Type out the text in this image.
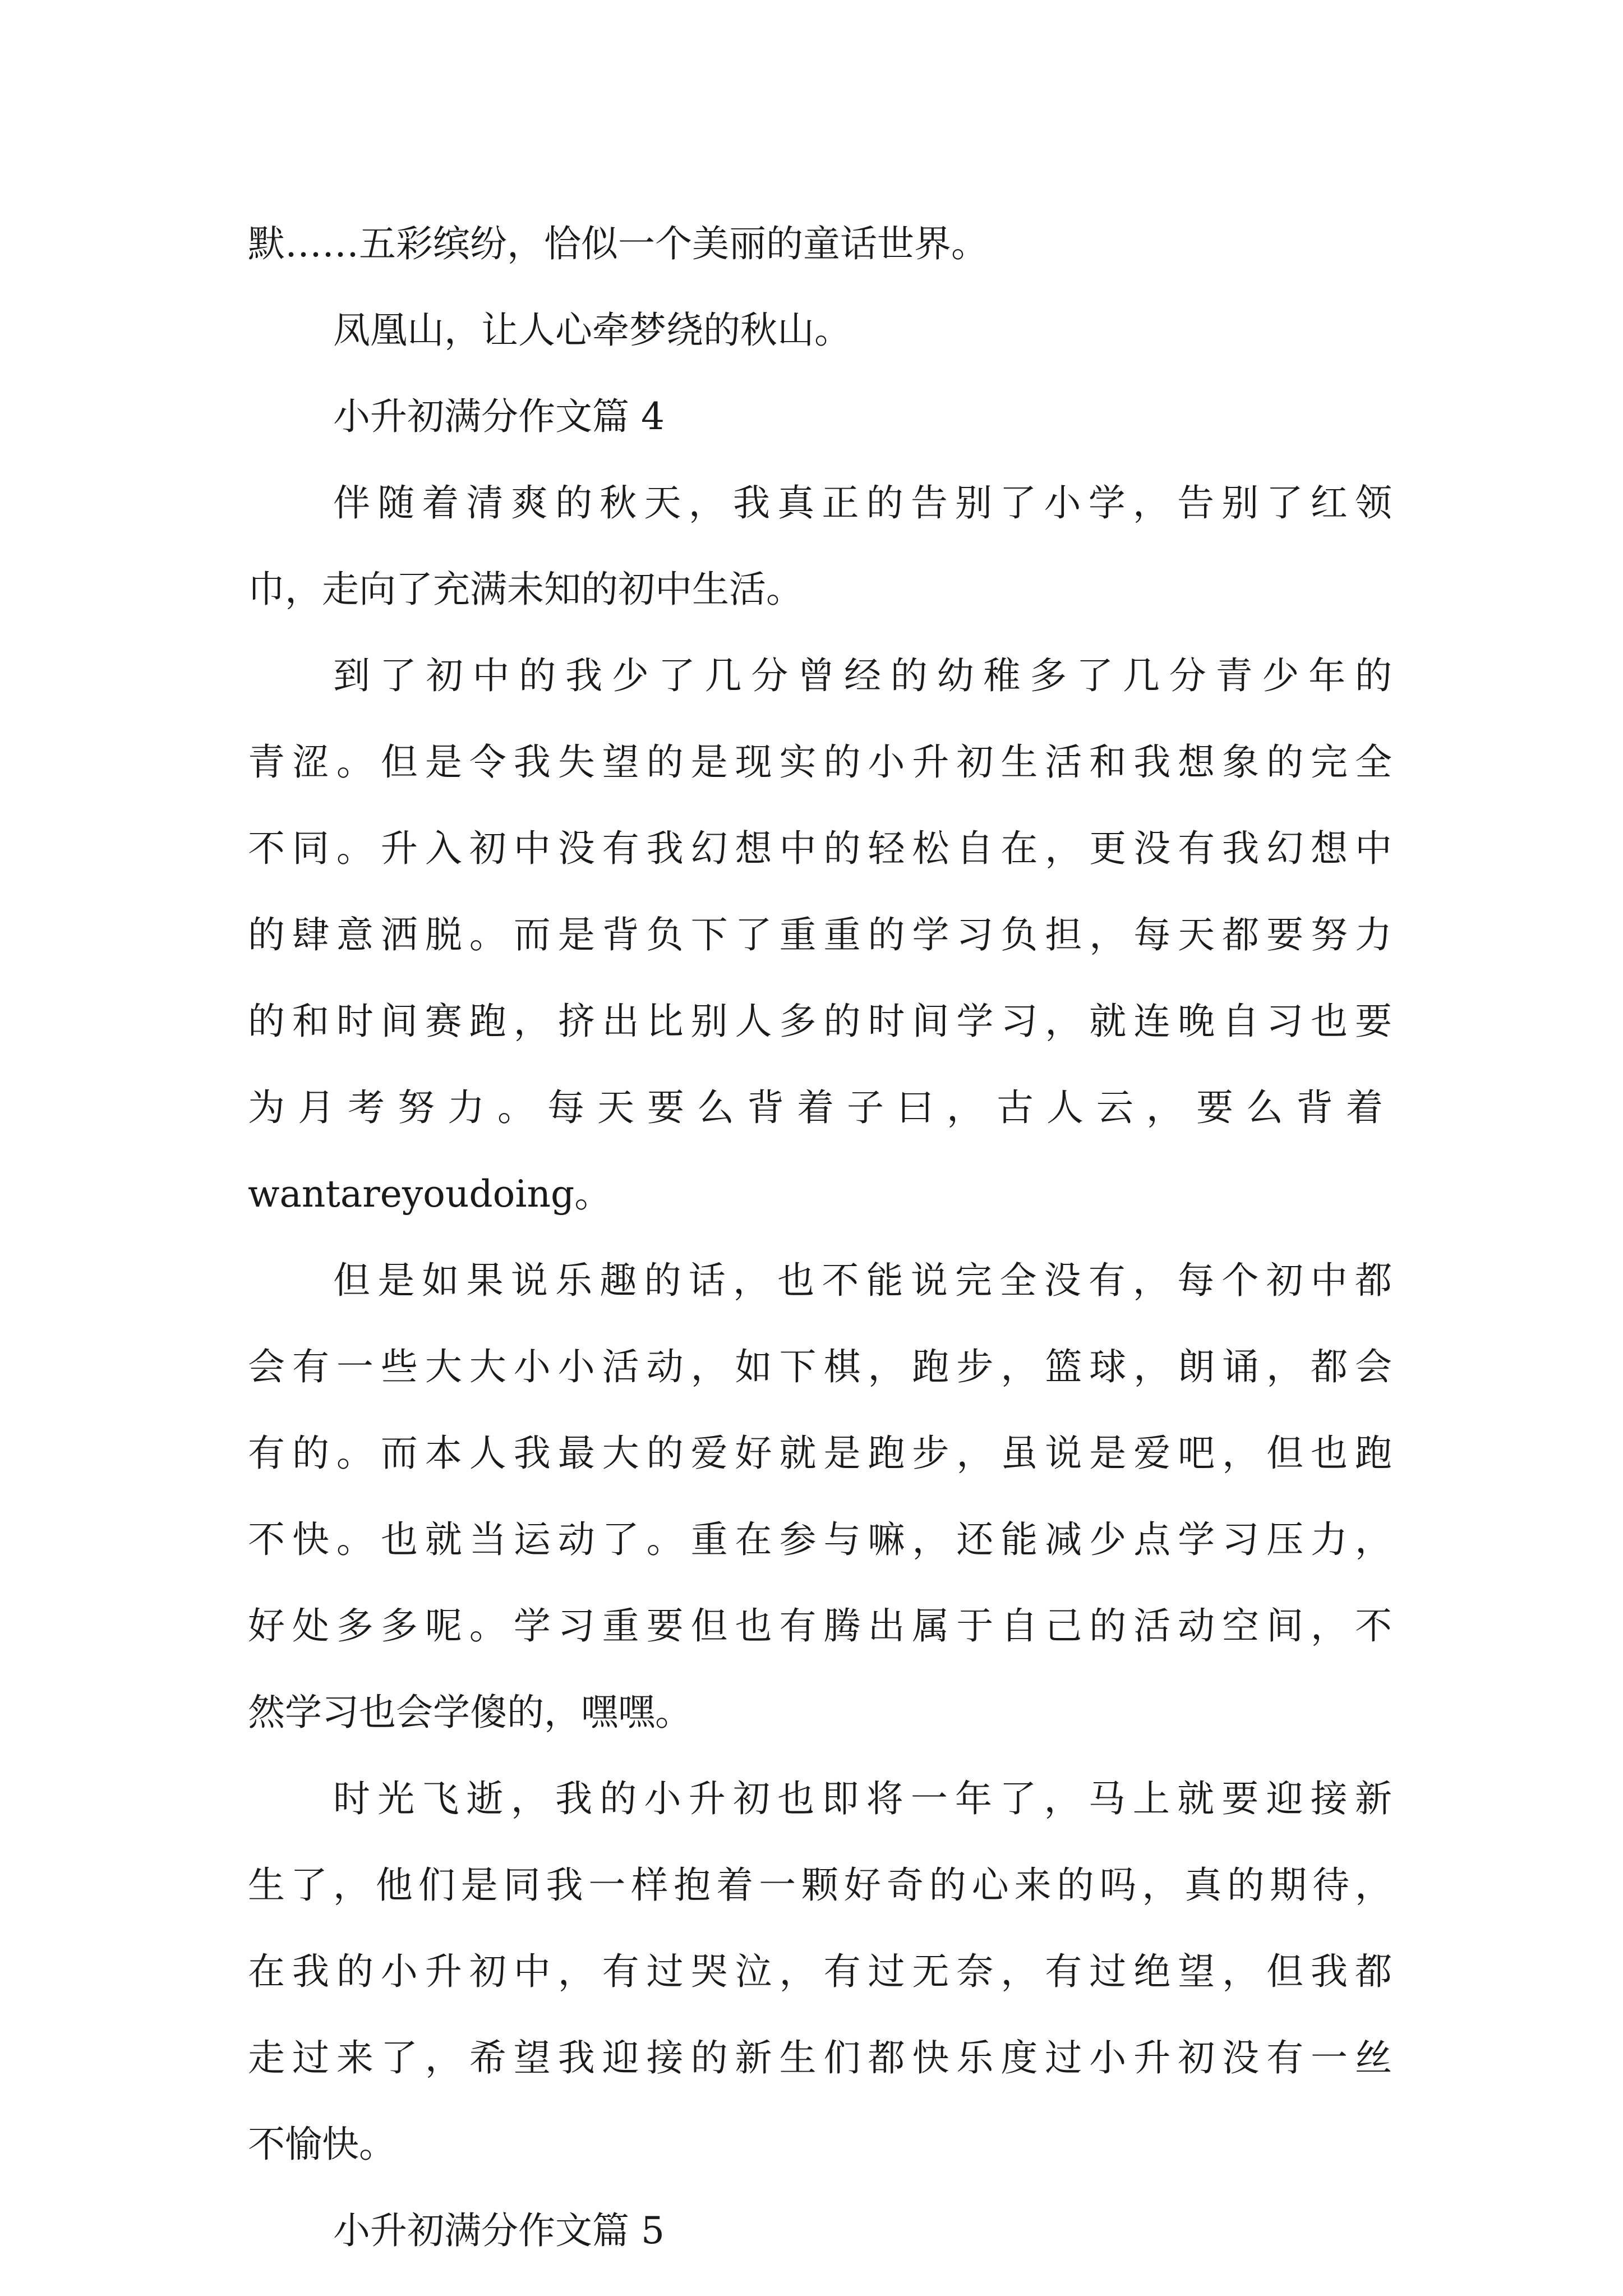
默……五彩缤纷，恰似一个美丽的童话世界。
凤凰山，让人心牵梦绕的秋山。
小升初满分作文篇 4
伴随着清爽的秋天，我真正的告别了小学，告别了红领
巾，走向了充满未知的初中生活。
到了初中的我少了几分曾经的幼稚多了几分青少年的
青涩。但是令我失望的是现实的小升初生活和我想象的完全
不同。升入初中没有我幻想中的轻松自在，更没有我幻想中
的肆意洒脱。而是背负下了重重的学习负担，每天都要努力
的和时间赛跑，挤出比别人多的时间学习，就连晚自习也要
为月考努力。每天要么背着子曰，古人云，要么背着
wantareyoudoing。
但是如果说乐趣的话，也不能说完全没有，每个初中都
会有一些大大小小活动，如下棋，跑步，篮球，朗诵，都会
有的。而本人我最大的爱好就是跑步，虽说是爱吧，但也跑
不快。也就当运动了。重在参与嘛，还能减少点学习压力，
好处多多呢。学习重要但也有腾出属于自己的活动空间，不
然学习也会学傻的，嘿嘿。
时光飞逝，我的小升初也即将一年了，马上就要迎接新
生了，他们是同我一样抱着一颗好奇的心来的吗，真的期待，
在我的小升初中，有过哭泣，有过无奈，有过绝望，但我都
走过来了，希望我迎接的新生们都快乐度过小升初没有一丝
不愉快。
小升初满分作文篇 5
